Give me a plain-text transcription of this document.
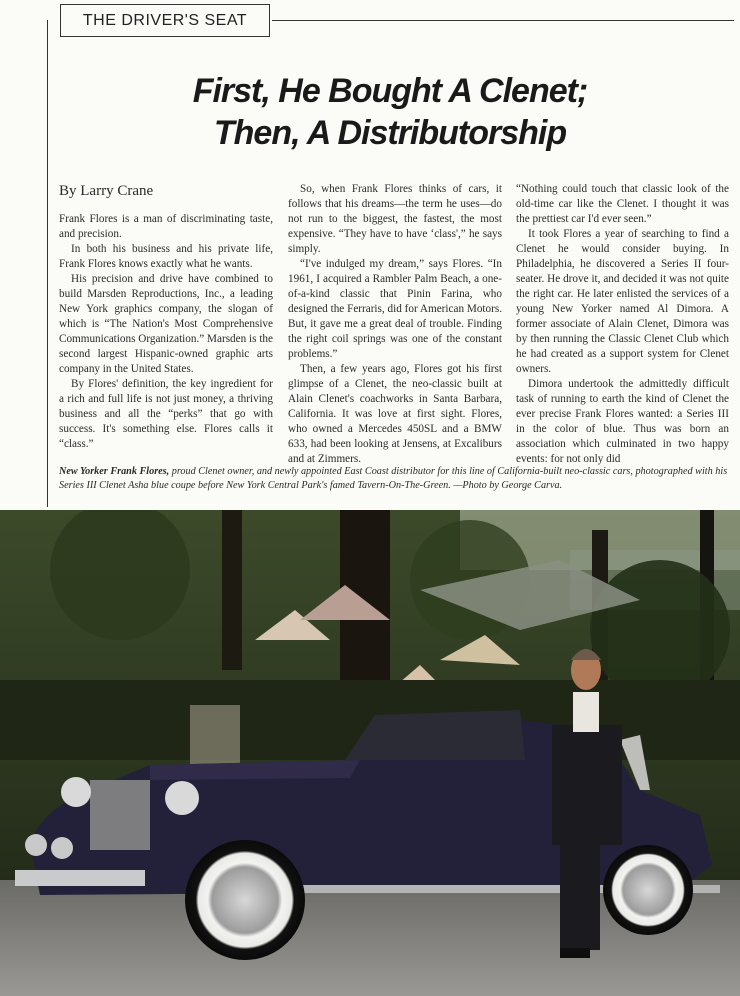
THE DRIVER'S SEAT
First, He Bought A Clenet;
Then, A Distributorship
By Larry Crane

Frank Flores is a man of discriminating taste, and precision.

In both his business and his private life, Frank Flores knows exactly what he wants.

His precision and drive have combined to build Marsden Reproductions, Inc., a leading New York graphics company, the slogan of which is “The Nation's Most Comprehensive Communications Organization.” Marsden is the second largest Hispanic-owned graphic arts company in the United States.

By Flores' definition, the key ingredient for a rich and full life is not just money, a thriving business and all the “perks” that go with success. It's something else. Flores calls it “class.”

So, when Frank Flores thinks of cars, it follows that his dreams—the term he uses—do not run to the biggest, the fastest, the most expensive. “They have to have ‘class',” he says simply.

“I've indulged my dream,” says Flores. “In 1961, I acquired a Rambler Palm Beach, a one-of-a-kind classic that Pinin Farina, who designed the Ferraris, did for American Motors. But, it gave me a great deal of trouble. Finding the right coil springs was one of the constant problems.”

Then, a few years ago, Flores got his first glimpse of a Clenet, the neo-classic built at Alain Clenet's coachworks in Santa Barbara, California. It was love at first sight. Flores, who owned a Mercedes 450SL and a BMW 633, had been looking at Jensens, at Excaliburs and at Zimmers.

“Nothing could touch that classic look of the old-time car like the Clenet. I thought it was the prettiest car I'd ever seen.”

It took Flores a year of searching to find a Clenet he would consider buying. In Philadelphia, he discovered a Series II four-seater. He drove it, and decided it was not quite the right car. He later enlisted the services of a young New Yorker named Al Dimora. A former associate of Alain Clenet, Dimora was by then running the Classic Clenet Club which he had created as a support system for Clenet owners.

Dimora undertook the admittedly difficult task of running to earth the kind of Clenet the ever precise Frank Flores wanted: a Series III in the color of blue. Thus was born an association which culminated in two happy events: for not only did

New Yorker Frank Flores, proud Clenet owner, and newly appointed East Coast distributor for this line of California-built neo-classic cars, photographed with his Series III Clenet Asha blue coupe before New York Central Park's famed Tavern-On-The-Green. —Photo by George Carva.
